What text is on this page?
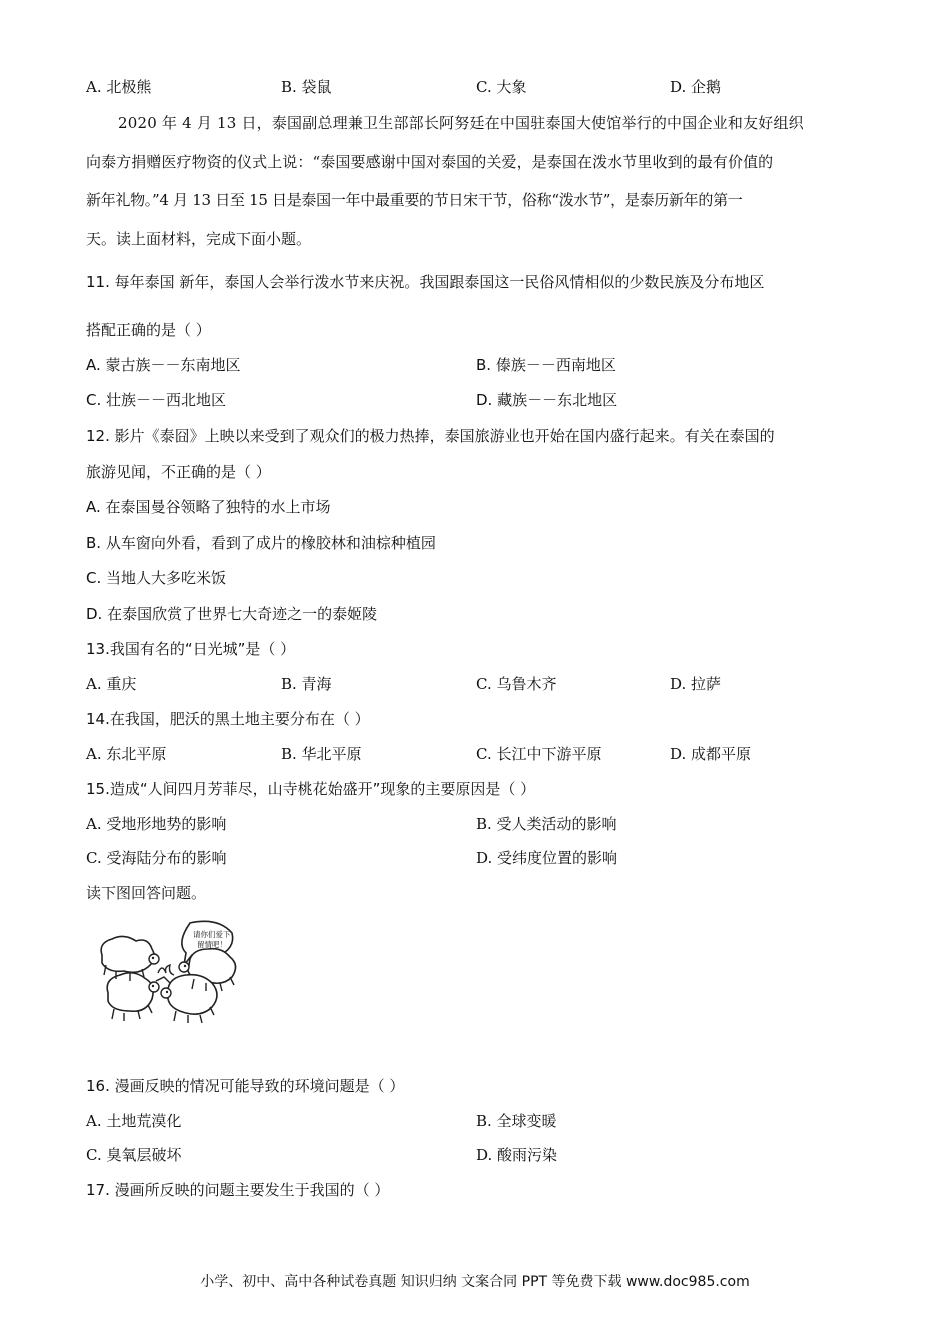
A. 北极熊	B. 袋鼠	C. 大象	D. 企鹅
2020 年 4 月 13 日，泰国副总理兼卫生部部长阿努廷在中国驻泰国大使馆举行的中国企业和友好组织
向泰方捐赠医疗物资的仪式上说：“泰国要感谢中国对泰国的关爱，是泰国在泼水节里收到的最有价值的
新年礼物。”4 月 13 日至 15 日是泰国一年中最重要的节日宋干节，俗称“泼水节”，是泰历新年的第一
天。读上面材料，完成下面小题。
11. 每年泰国 新年，泰国人会举行泼水节来庆祝。我国跟泰国这一民俗风情相似的少数民族及分布地区
搭配正确的是（ ）
A. 蒙古族－－东南地区	B. 傣族－－西南地区
C. 壮族－－西北地区	D. 藏族－－东北地区
12. 影片《泰囧》上映以来受到了观众们的极力热捧，泰国旅游业也开始在国内盛行起来。有关在泰国的
旅游见闻，不正确的是（ ）
A. 在泰国曼谷领略了独特的水上市场
B. 从车窗向外看，看到了成片的橡胶林和油棕种植园
C. 当地人大多吃米饭
D. 在泰国欣赏了世界七大奇迹之一的泰姬陵
13.我国有名的“日光城”是（ ）
A. 重庆	B. 青海	C. 乌鲁木齐	D. 拉萨
14.在我国，肥沃的黑土地主要分布在（ ）
A. 东北平原	B. 华北平原	C. 长江中下游平原	D. 成都平原
15.造成“人间四月芳菲尽，山寺桃花始盛开”现象的主要原因是（ ）
A. 受地形地势的影响	B. 受人类活动的影响
C. 受海陆分布的影响	D. 受纬度位置的影响
读下图回答问题。
请你们爱下
留情吧！
16. 漫画反映的情况可能导致的环境问题是（ ）
A. 土地荒漠化	B. 全球变暖
C. 臭氧层破坏	D. 酸雨污染
17. 漫画所反映的问题主要发生于我国的（ ）
小学、初中、高中各种试卷真题 知识归纳 文案合同 PPT 等免费下载 www.doc985.com
